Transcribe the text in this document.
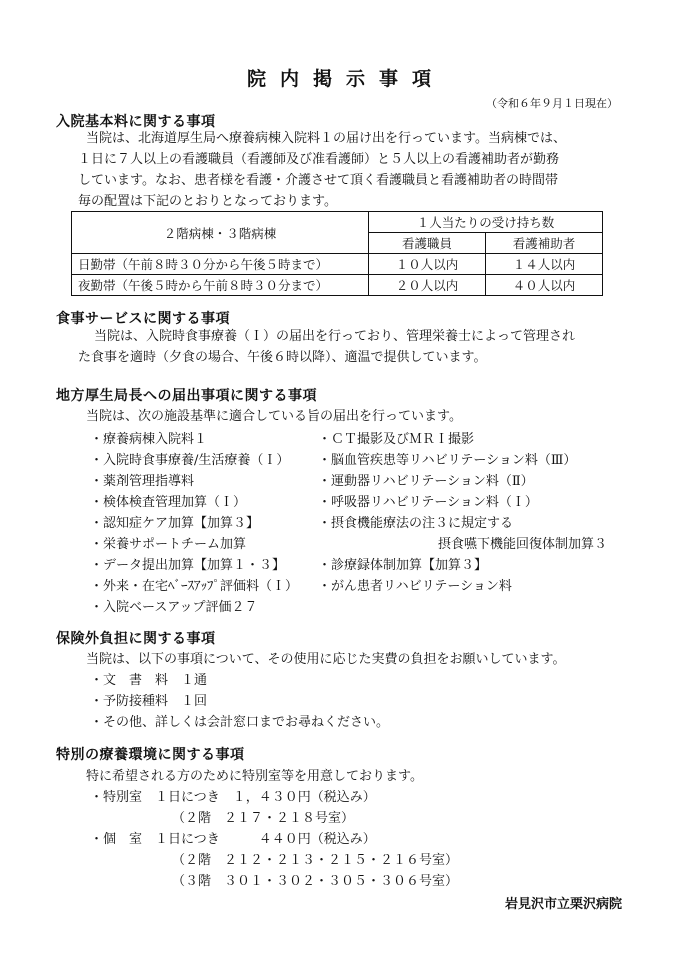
院内掲示事項
（令和６年９月１日現在）
入院基本料に関する事項
当院は、北海道厚生局へ療養病棟入院料１の届け出を行っています。当病棟では、
１日に７人以上の看護職員（看護師及び准看護師）と５人以上の看護補助者が勤務
しています。なお、患者様を看護・介護させて頂く看護職員と看護補助者の時間帯
毎の配置は下記のとおりとなっております。
２階病棟・３階病棟	１人当たりの受け持ち数	
	看護職員	看護補助者
日勤帯（午前８時３０分から午後５時まで）	１０人以内	１４人以内
夜勤帯（午後５時から午前８時３０分まで）	２０人以内	４０人以内
食事サービスに関する事項
当院は、入院時食事療養（Ｉ）の届出を行っており、管理栄養士によって管理され
た食事を適時（夕食の場合、午後６時以降）、適温で提供しています。
地方厚生局長への届出事項に関する事項
当院は、次の施設基準に適合している旨の届出を行っています。
・療養病棟入院料１
・入院時食事療養/生活療養（Ｉ）
・薬剤管理指導料
・検体検査管理加算（Ｉ）
・認知症ケア加算【加算３】
・栄養サポートチーム加算
・データ提出加算【加算１・３】
・外来・在宅ﾍﾞｰｽｱｯﾌﾟ評価料（Ｉ）
・入院ベースアップ評価２７
・ＣＴ撮影及びＭＲＩ撮影
・脳血管疾患等リハビリテーション料（Ⅲ）
・運動器リハビリテーション料（Ⅱ）
・呼吸器リハビリテーション料（Ｉ）
・摂食機能療法の注３に規定する
摂食嚥下機能回復体制加算３
・診療録体制加算【加算３】
・がん患者リハビリテーション料
保険外負担に関する事項
当院は、以下の事項について、その使用に応じた実費の負担をお願いしています。
・文　書　料　１通
・予防接種料　１回
・その他、詳しくは会計窓口までお尋ねください。
特別の療養環境に関する事項
特に希望される方のために特別室等を用意しております。
・特別室　１日につき　１，４３０円（税込み）
（２階　２１７・２１８号室）
・個　室　１日につき　　　４４０円（税込み）
（２階　２１２・２１３・２１５・２１６号室）
（３階　３０１・３０２・３０５・３０６号室）
岩見沢市立栗沢病院
